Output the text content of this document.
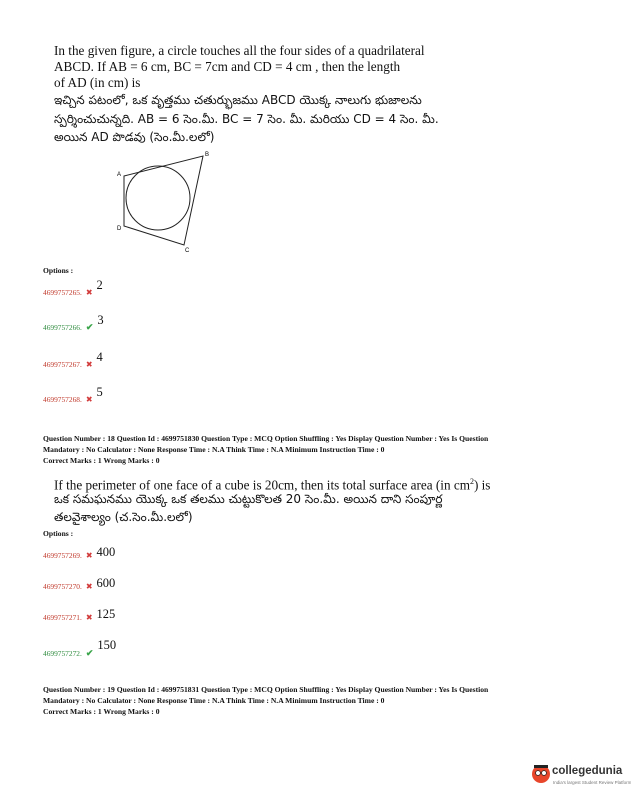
In the given figure, a circle touches all the four sides of a quadrilateral
ABCD. If AB = 6 cm, BC = 7cm and CD = 4 cm , then the length
of AD (in cm) is
ఇచ్చిన పటంలో, ఒక వృత్తము చతుర్భుజము ABCD యొక్క నాలుగు భుజాలను
స్పర్శించుచున్నది. AB = 6 సెం.మీ. BC = 7 సెం. మీ. మరియు CD = 4 సెం. మీ.
అయిన AD పొడవు (సెం.మీ.లలో)
A
B
C
D
Options :
4699757265. ✖ $^2$
4699757266. ✔ $^3$
4699757267. ✖ $^4$
4699757268. ✖ $^5$
Question Number : 18 Question Id : 4699751830 Question Type : MCQ Option Shuffling : Yes Display Question Number : Yes Is Question
Mandatory : No Calculator : None Response Time : N.A Think Time : N.A Minimum Instruction Time : 0
Correct Marks : 1 Wrong Marks : 0
If the perimeter of one face of a cube is 20cm, then its total surface area (in $cm^2$) is
ఒక సమఘనము యొక్క ఒక తలము చుట్టుకొలత 20 సెం.మీ. అయిన దాని సంపూర్ణ
తలవైశాల్యం (చ.సెం.మీ.లలో)
Options :
4699757269. ✖ 400
4699757270. ✖ 600
4699757271. ✖ 125
4699757272. ✔ $^{150}$
Question Number : 19 Question Id : 4699751831 Question Type : MCQ Option Shuffling : Yes Display Question Number : Yes Is Question
Mandatory : No Calculator : None Response Time : N.A Think Time : N.A Minimum Instruction Time : 0
Correct Marks : 1 Wrong Marks : 0
collegedunia
India's largest Student Review Platform
